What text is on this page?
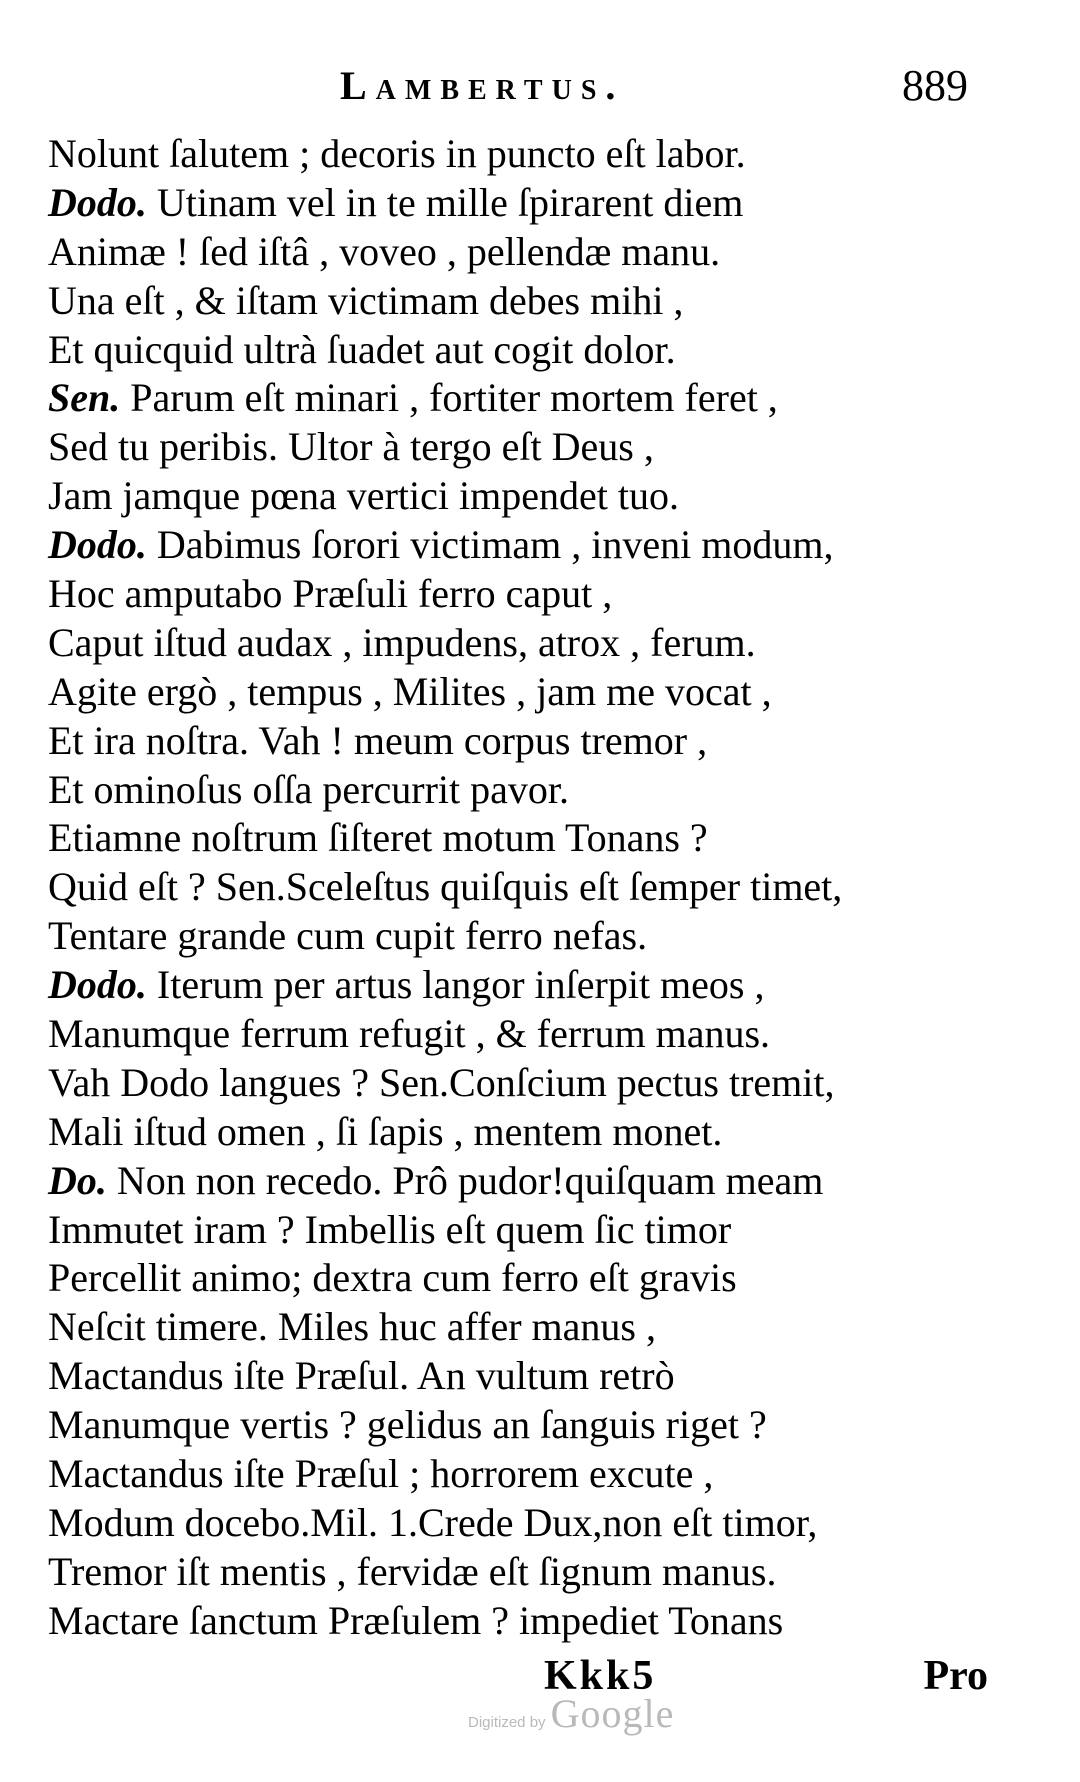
Lambertus.	889
Nolunt ſalutem ; decoris in puncto eſt labor.
Dodo. Utinam vel in te mille ſpirarent diem
Animæ ! ſed iſtâ , voveo , pellendæ manu.
Una eſt , & iſtam victimam debes mihi ,
Et quicquid ultrà ſuadet aut cogit dolor.
Sen. Parum eſt minari , fortiter mortem feret ,
Sed tu peribis. Ultor à tergo eſt Deus ,
Jam jamque pœna vertici impendet tuo.
Dodo. Dabimus ſorori victimam , inveni modum,
Hoc amputabo Præſuli ferro caput ,
Caput iſtud audax , impudens, atrox , ferum.
Agite ergò , tempus , Milites , jam me vocat ,
Et ira noſtra. Vah ! meum corpus tremor ,
Et ominoſus oſſa percurrit pavor.
Etiamne noſtrum ſiſteret motum Tonans ?
Quid eſt ? Sen.Sceleſtus quiſquis eſt ſemper timet,
Tentare grande cum cupit ferro nefas.
Dodo. Iterum per artus langor inſerpit meos ,
Manumque ferrum refugit , & ferrum manus.
Vah Dodo langues ? Sen.Conſcium pectus tremit,
Mali iſtud omen , ſi ſapis , mentem monet.
Do. Non non recedo. Prô pudor!quiſquam meam
Immutet iram ? Imbellis eſt quem ſic timor
Percellit animo; dextra cum ferro eſt gravis
Neſcit timere. Miles huc affer manus ,
Mactandus iſte Præſul. An vultum retrò
Manumque vertis ? gelidus an ſanguis riget ?
Mactandus iſte Præſul ; horrorem excute ,
Modum docebo.Mil. 1.Crede Dux,non eſt timor,
Tremor iſt mentis , fervidæ eſt ſignum manus.
Mactare ſanctum Præſulem ? impediet Tonans
Kkk5	Pro
Digitized by Google
